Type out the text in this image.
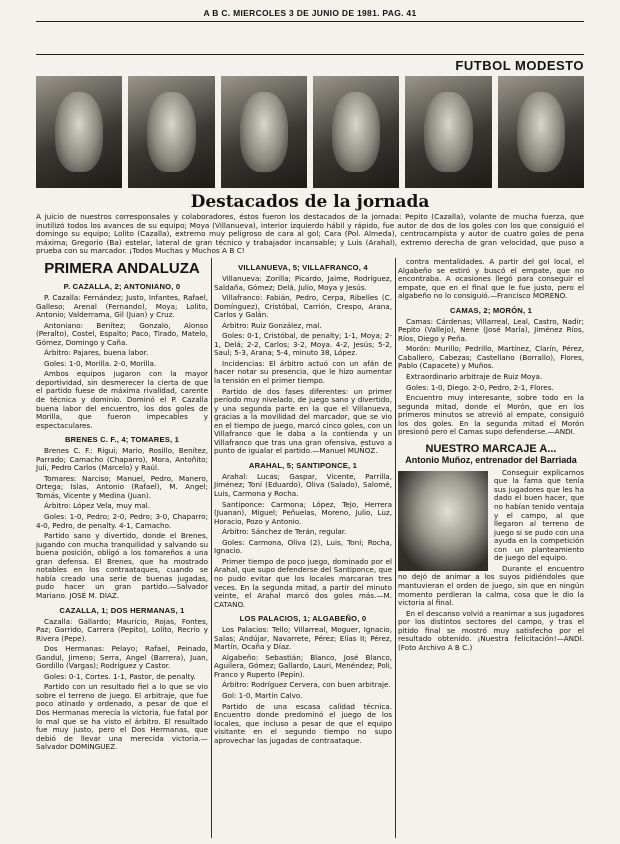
A B C. MIERCOLES 3 DE JUNIO DE 1981. PAG. 41
FUTBOL MODESTO
Destacados de la jornada
A juicio de nuestros corresponsales y colaboradores, éstos fueron los destacados de la jornada: Pepito (Cazalla), volante de mucha fuerza, que inutilizó todos los avances de su equipo; Moya (Villanueva), interior izquierdo hábil y rápido, fue autor de dos de los goles con los que consiguió el domingo su equipo; Lolito (Cazalla), extremo muy peligroso de cara al gol; Cara (Pol. Almeda), centrocampista y autor de cuatro goles de pena máxima; Gregorio (Ba) estelar, lateral de gran técnico y trabajador incansable; y Luis (Arahal), extremo derecha de gran velocidad, que puso a prueba con su marcador. ¡Todos Muchas y Muchos A B C!
PRIMERA ANDALUZA
P. CAZALLA, 2; ANTONIANO, 0

P. Cazalla: Fernández; Justo, Infantes, Rafael, Galleso; Arenal (Fernando), Moya; Lolito, Antonio; Valderrama, Gil (Juan) y Cruz.

Antoniano: Benítez; Gonzalo, Alonso (Peralto), Costel, Espalto; Paco, Tirado, Matelo, Gómez, Domingo y Caña.

Árbitro: Pajares, buena labor.

Goles: 1-0, Morilla. 2-0, Morilla.

Ambos equipos jugaron con la mayor deportividad, sin desmerecer la cierta de que el partido fuese de máxima rivalidad, carente de técnica y dominio. Dominó el P. Cazalla buena labor del encuentro, los dos goles de Morilla, que fueron impecables y espectaculares.

BRENES C. F., 4; TOMARES, 1

Brenes C. F.: Rigui; Mario, Rosillo, Benítez, Parrado; Camacho (Chaparro), Mora, Antoñito; Juli, Pedro Carlos (Marcelo) y Raúl.

Tomares: Narciso; Manuel, Pedro, Manero, Ortega; Islas, Antonio (Rafael), M. Angel; Tomás, Vicente y Medina (Juan).

Árbitro: López Vela, muy mal.

Goles: 1-0, Pedro; 2-0, Pedro; 3-0, Chaparro; 4-0, Pedro, de penalty. 4-1, Camacho.

Partido sano y divertido, donde el Brenes, jugando con mucha tranquilidad y salvando su buena posición, obligó a los tomareños a una gran defensa. El Brenes, que ha mostrado notables en los contraataques, cuando se había creado una serie de buenas jugadas, pudo hacer un gran partido.—Salvador Mariano. JOSÉ M. DÍAZ.

CAZALLA, 1; DOS HERMANAS, 1

Cazalla: Gallardo; Maurício, Rojas, Fontes, Paz; Garrido, Carrera (Pepito), Lolito, Recrío y Rivera (Pepe).

Dos Hermanas: Pelayo; Rafael, Peinado, Gandul, Jimeno; Serra, Angel (Barrera), Juan, Gordillo (Vargas); Rodríguez y Castor.

Goles: 0-1, Cortes. 1-1, Pastor, de penalty.

Partido con un resultado fiel a lo que se vio sobre el terreno de juego. El arbitraje, que fue poco atinado y ordenado, a pesar de que el Dos Hermanas merecía la victoria, fue fatal por lo mal que se ha visto el árbitro. El resultado fue muy justo, pero el Dos Hermanas, que debió de llevar una merecida victoria.—Salvador DOMÍNGUEZ.

VILLANUEVA, 5; VILLAFRANCO, 4

Villanueva: Zorilla; Picardo, Jaime, Rodríguez, Saldaña, Gómez; Delá, Julio, Moya y Jesús.

Villafranco: Fabián, Pedro, Cerpa, Ribelles (C. Domínguez), Cristóbal, Carrión, Crespo, Arana, Carlos y Galán.

Árbitro: Ruiz González, mal.

Goles: 0-1, Cristóbal, de penalty; 1-1, Moya; 2-1, Delá; 2-2, Carlos; 3-2, Moya. 4-2, Jesús; 5-2, Saul; 5-3, Arana; 5-4, minuto 38, López.

Incidencias: El árbitro actuó con un afán de hacer notar su presencia, que le hizo aumentar la tensión en el primer tiempo.

Partido de dos fases diferentes: un primer período muy nivelado, de juego sano y divertido, y una segunda parte en la que el Villanueva, gracias a la movilidad del marcador, que se vio en el tiempo de juego, marcó cinco goles, con un Villafranco que le daba a la contienda y un Villafranco que tras una gran ofensiva, estuvo a punto de igualar el partido.—Manuel MUÑOZ.

ARAHAL, 5; SANTIPONCE, 1

Arahal: Lucas; Gaspar, Vicente, Parrilla, Jiménez; Toni (Eduardo), Oliva (Salado), Salomé, Luis, Carmona y Rocha.

Santiponce: Carmona; López, Tejo, Herrera (Juanan), Miguel; Peñuelas, Moreno, Julio, Luz, Horacio, Pozo y Antonio.

Árbitro: Sánchez de Terán, regular.

Goles: Carmona, Oliva (2), Luis, Toni; Rocha, Ignacio.

Primer tiempo de poco juego, dominado por el Arahal, que supo defenderse del Santiponce, que no pudo evitar que los locales marcaran tres veces. En la segunda mitad, a partir del minuto veinte, el Arahal marcó dos goles más.—M. CATANO.

LOS PALACIOS, 1; ALGABEÑO, 0

Los Palacios: Tello; Villarreal, Moguer, Ignacio, Salas; Andújar, Navarrete, Pérez; Elías II; Pérez, Martín, Ocaña y Díaz.

Algabeño: Sebastián; Blanco, José Blanco, Aguilera, Gómez; Gallardo, Lauri, Menéndez; Poli, Franco y Ruperto (Pepín).

Árbitro: Rodríguez Cervera, con buen arbitraje.

Gol: 1-0, Martín Calvo.

Partido de una escasa calidad técnica. Encuentro donde predominó el juego de los locales, que incluso a pesar de que el equipo visitante en el segundo tiempo no supo aprovechar las jugadas de contraataque.

contra mentalidades. A partir del gol local, el Algabeño se estiró y buscó el empate, que no encontraba. A ocasiones llegó para conseguir el empate, que en el final que le fue justo, pero el algabeño no lo consiguió.—Francisco MORENO.

CAMAS, 2; MORÓN, 1

Camas: Cárdenas; Villarreal, Leal, Castro, Nadir; Pepito (Vallejo), Nene (José María), Jiménez Ríos, Ríos, Diego y Peña.

Morón: Murillo; Pedrillo, Martínez, Clarín, Pérez, Caballero, Cabezas; Castellano (Borrallo), Flores, Pablo (Capacete) y Muños.

Extraordinario arbitraje de Ruiz Moya.

Goles: 1-0, Diego. 2-0, Pedro, 2-1, Flores.

Encuentro muy interesante, sobre todo en la segunda mitad, donde el Morón, que en los primeros minutos se atrevió al empate, consiguió los dos goles. En la segunda mitad el Morón presionó pero el Camas supo defenderse.—ANDI.

NUESTRO MARCAJE A...
Antonio Muñoz, entrenador del Barriada

Conseguir explicarnos que la fama que tenía sus jugadores que les ha dado el buen hacer, que no habían tenido ventaja y el campo, al que llegaron al terreno de juego si se pudo con una ayuda en la competición con un planteamiento de juego del equipo.

Durante el encuentro no dejó de animar a los suyos pidiéndoles que mantuvieran el orden de juego, sin que en ningún momento perdieran la calma, cosa que le dio la victoria al final.

En el descanso volvió a reanimar a sus jugadores por los distintos sectores del campo, y tras el pitido final se mostró muy satisfecho por el resultado obtenido. ¡Nuestra felicitación!—ANDI. (Foto Archivo A B C.)
